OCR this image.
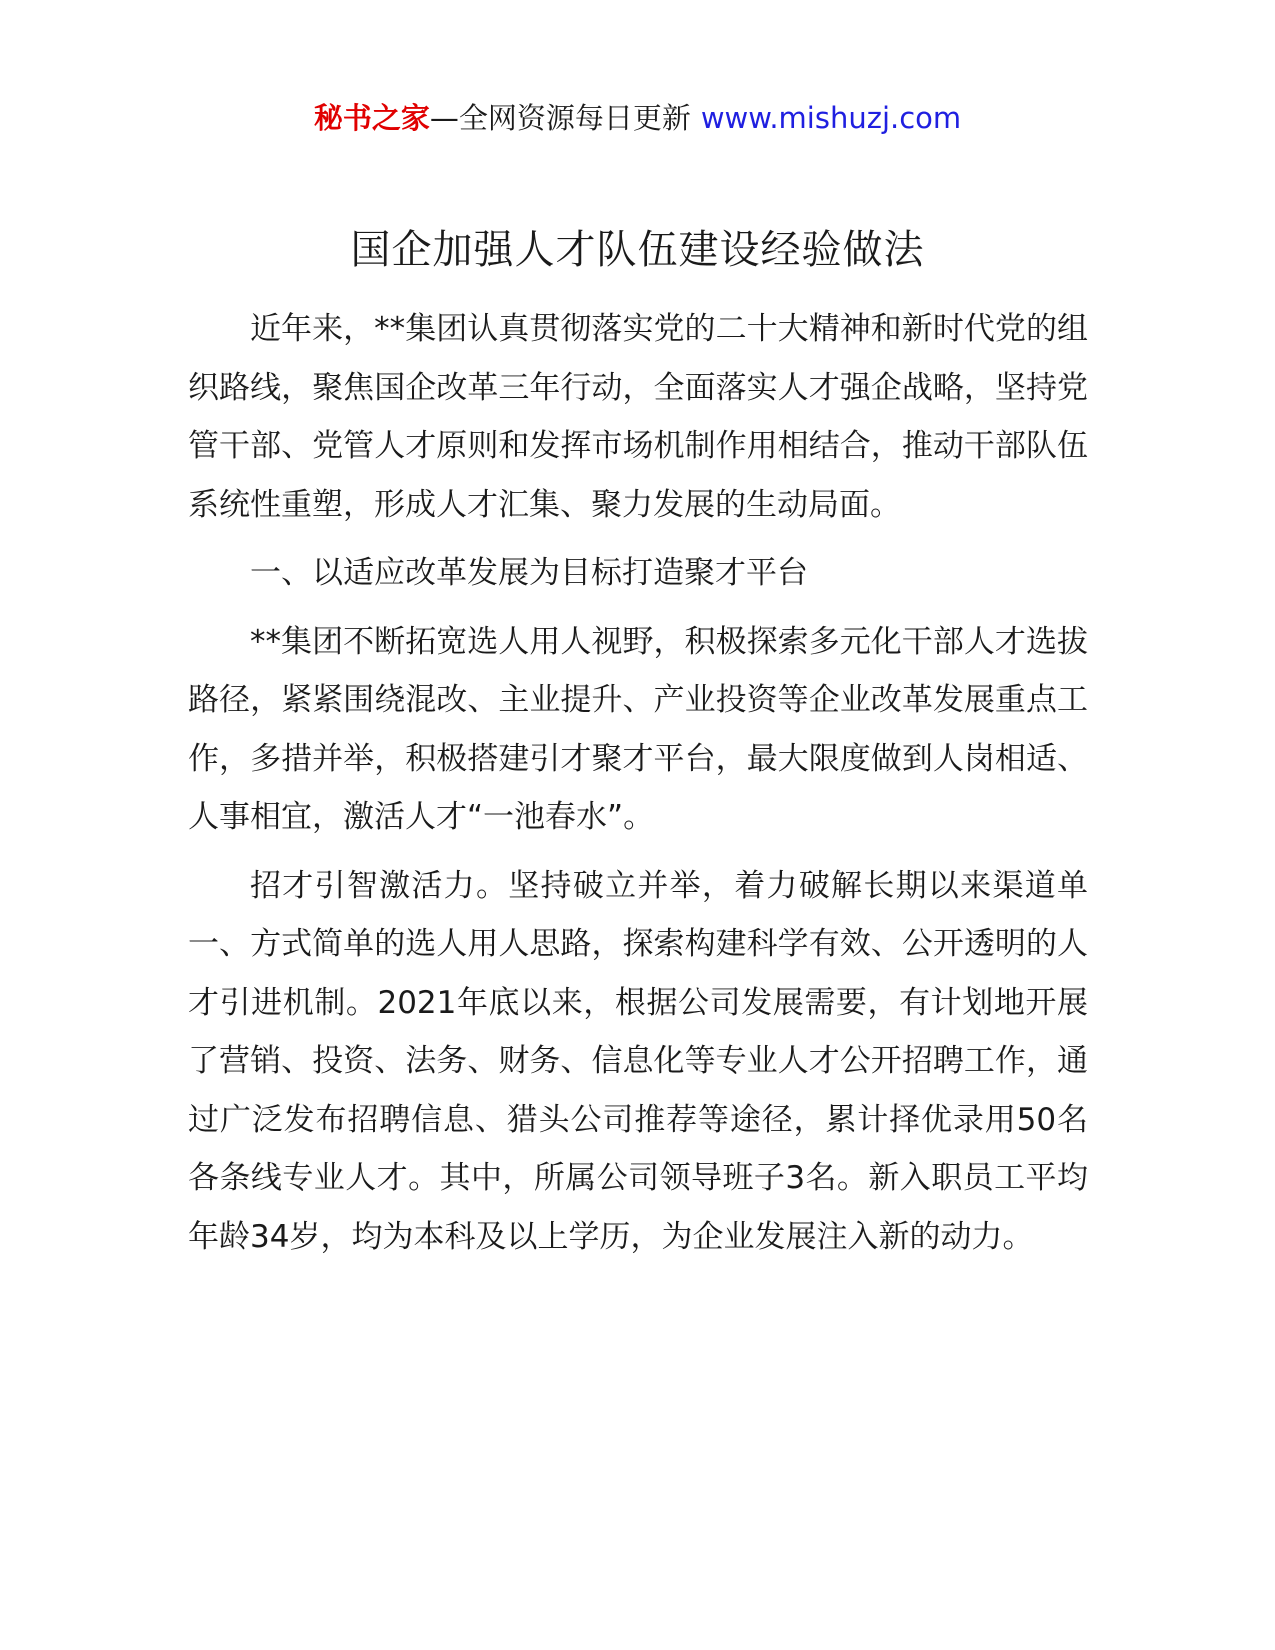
秘书之家—全网资源每日更新 www.mishuzj.com
国企加强人才队伍建设经验做法

近年来，**集团认真贯彻落实党的二十大精神和新时代党的组织路线，聚焦国企改革三年行动，全面落实人才强企战略，坚持党管干部、党管人才原则和发挥市场机制作用相结合，推动干部队伍系统性重塑，形成人才汇集、聚力发展的生动局面。

一、以适应改革发展为目标打造聚才平台

**集团不断拓宽选人用人视野，积极探索多元化干部人才选拔路径，紧紧围绕混改、主业提升、产业投资等企业改革发展重点工作，多措并举，积极搭建引才聚才平台，最大限度做到人岗相适、人事相宜，激活人才“一池春水”。

招才引智激活力。坚持破立并举，着力破解长期以来渠道单一、方式简单的选人用人思路，探索构建科学有效、公开透明的人才引进机制。2021年底以来，根据公司发展需要，有计划地开展了营销、投资、法务、财务、信息化等专业人才公开招聘工作，通过广泛发布招聘信息、猎头公司推荐等途径，累计择优录用50名各条线专业人才。其中，所属公司领导班子3名。新入职员工平均年龄34岁，均为本科及以上学历，为企业发展注入新的动力。
